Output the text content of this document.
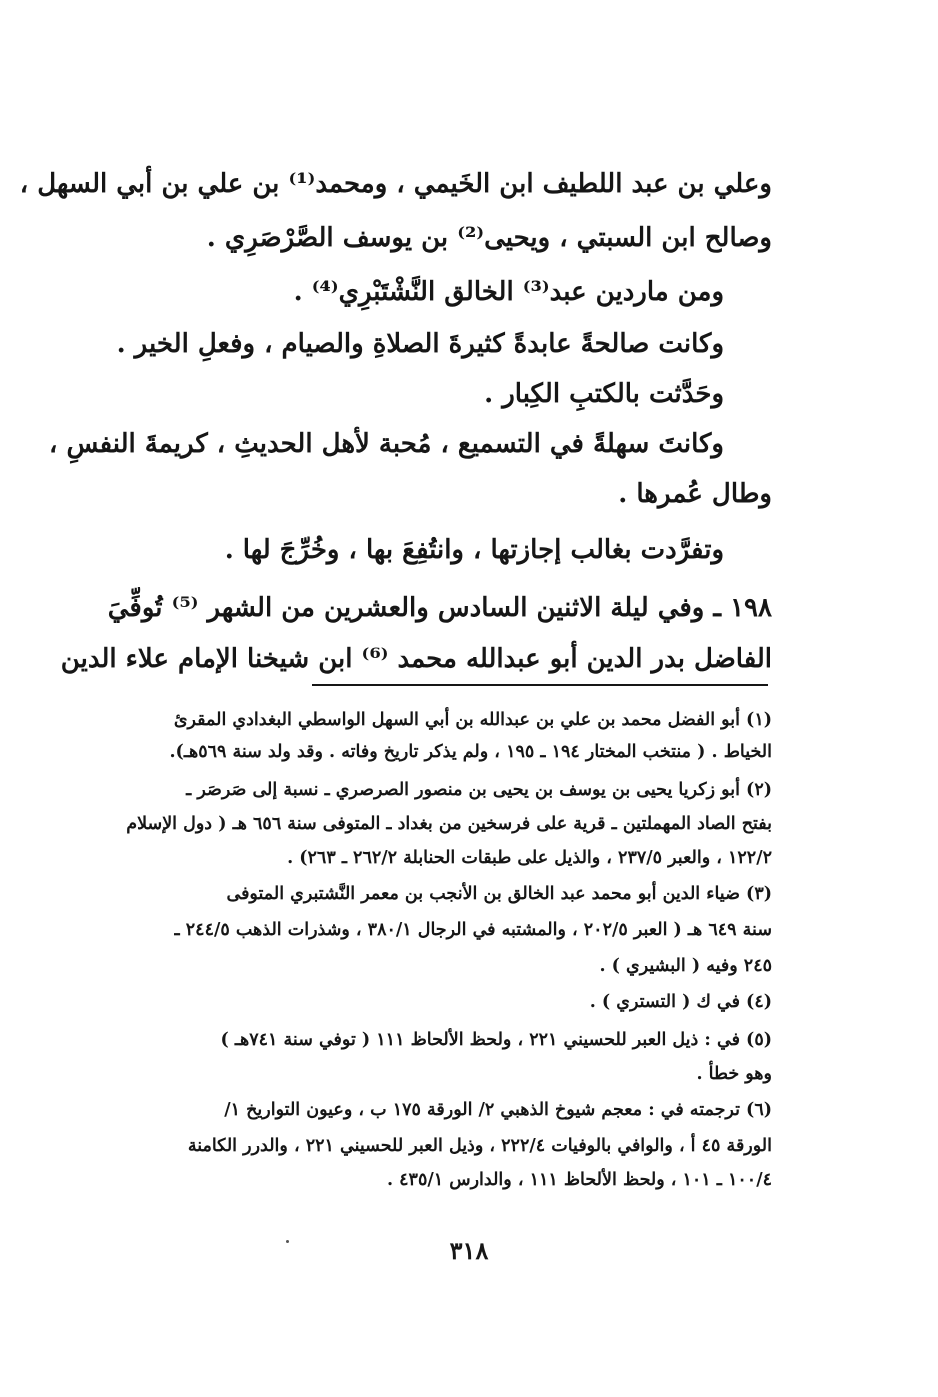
وعلي بن عبد اللطيف ابن الخَيمي ، ومحمد⁽¹⁾ بن علي بن أبي السهل ،
وصالح ابن السبتي ، ويحيى⁽²⁾ بن يوسف الصَّرْصَرِي .
ومن ماردين عبد⁽³⁾ الخالق النَّشْتَبْرِي⁽⁴⁾ .
وكانت صالحةً عابدةً كثيرةَ الصلاةِ والصيام ، وفعلِ الخير .
وحَدَّثت بالكتبِ الكِبار .
وكانتَ سهلةً في التسميع ، مُحبة لأهل الحديثِ ، كريمةَ النفسِ ،
وطال عُمرها .
وتفرَّدت بغالب إجازتها ، وانتُفِعَ بها ، وخُرِّجَ لها .
١٩٨ ـ وفي ليلة الاثنين السادس والعشرين من الشهر ⁽⁵⁾ تُوفِّيَ
الفاضل بدر الدين أبو عبدالله محمد ⁽⁶⁾ ابن شيخنا الإمام علاء الدين
(١) أبو الفضل محمد بن علي بن عبدالله بن أبي السهل الواسطي البغدادي المقرئ
الخياط . ( منتخب المختار ١٩٤ ـ ١٩٥ ، ولم يذكر تاريخ وفاته . وقد ولد سنة ٥٦٩هـ).
(٢) أبو زكريا يحيى بن يوسف بن يحيى بن منصور الصرصري ـ نسبة إلى صَرصَر ـ
بفتح الصاد المهملتين ـ قرية على فرسخين من بغداد ـ المتوفى سنة ٦٥٦ هـ ( دول الإسلام
١٢٢/٢ ، والعبر ٢٣٧/٥ ، والذيل على طبقات الحنابلة ٢٦٢/٢ ـ ٢٦٣) .
(٣) ضياء الدين أبو محمد عبد الخالق بن الأنجب بن معمر النَّشتبري المتوفى
سنة ٦٤٩ هـ ( العبر ٢٠٢/٥ ، والمشتبه في الرجال ٣٨٠/١ ، وشذرات الذهب ٢٤٤/٥ ـ
٢٤٥ وفيه ( البشيري ) .
(٤) في ك ( التستري ) .
(٥) في : ذيل العبر للحسيني ٢٢١ ، ولحظ الألحاظ ١١١ ( توفي سنة ٧٤١هـ )
وهو خطأ .
(٦) ترجمته في : معجم شيوخ الذهبي ٢/ الورقة ١٧٥ ب ، وعيون التواريخ ١/
الورقة ٤٥ أ ، والوافي بالوفيات ٢٢٢/٤ ، وذيل العبر للحسيني ٢٢١ ، والدرر الكامنة
١٠٠/٤ ـ ١٠١ ، ولحظ الألحاظ ١١١ ، والدارس ٤٣٥/١ .
٣١٨
